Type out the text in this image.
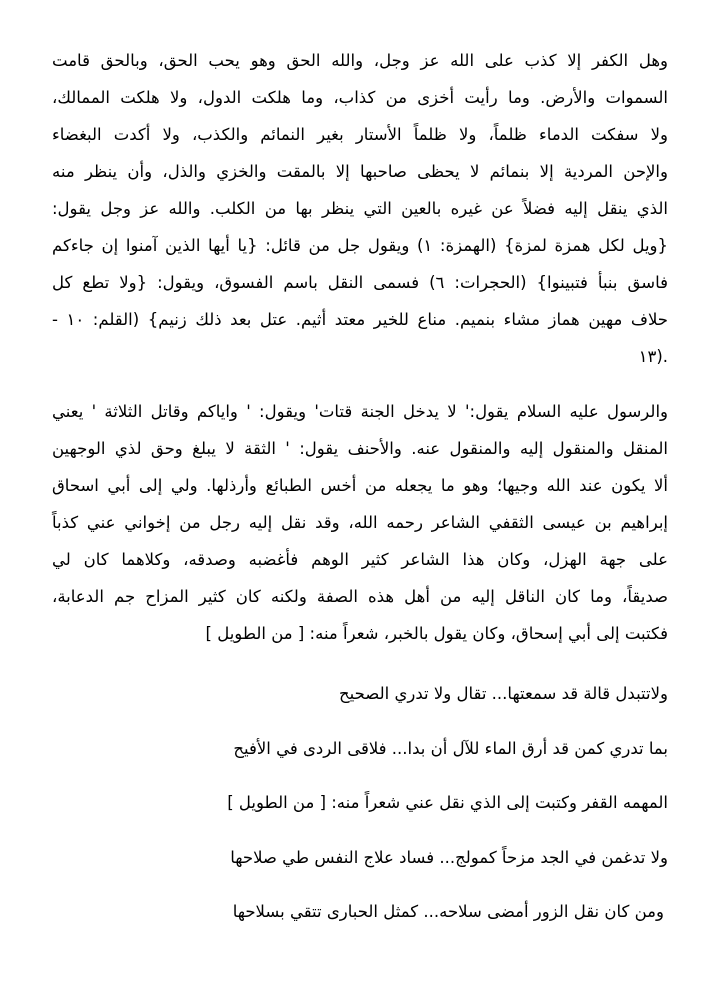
وهل الكفر إلا كذب على الله عز وجل، والله الحق وهو يحب الحق، وبالحق قامت
السموات والأرض. وما رأيت أخزى من كذاب، وما هلكت الدول، ولا هلكت الممالك،
ولا سفكت الدماء ظلماً، ولا ظلماً الأستار بغير النمائم والكذب، ولا أكدت البغضاء
والإحن المردية إلا بنمائم لا يحظى صاحبها إلا بالمقت والخزي والذل، وأن ينظر منه
الذي ينقل إليه فضلاً عن غيره بالعين التي ينظر بها من الكلب. والله عز وجل يقول:
{ويل لكل همزة لمزة} (الهمزة: ١) ويقول جل من قائل: {يا أيها الذين آمنوا إن جاءكم
فاسق بنبأ فتبينوا} (الحجرات: ٦) فسمى النقل باسم الفسوق، ويقول: {ولا تطع كل
حلاف مهين هماز مشاء بنميم. مناع للخير معتد أثيم. عتل بعد ذلك زنيم} (القلم: ١٠ -
١٣).
والرسول عليه السلام يقول:' لا يدخل الجنة قتات' ويقول: ' واياكم وقاتل الثلاثة ' يعني
المنقل والمنقول إليه والمنقول عنه. والأحنف يقول: ' الثقة لا يبلغ وحق لذي الوجهين
ألا يكون عند الله وجيها؛ وهو ما يجعله من أخس الطبائع وأرذلها. ولي إلى أبي اسحاق
إبراهيم بن عيسى الثقفي الشاعر رحمه الله، وقد نقل إليه رجل من إخواني عني كذباً
على جهة الهزل، وكان هذا الشاعر كثير الوهم فأغضبه وصدقه، وكلاهما كان لي
صديقاً، وما كان الناقل إليه من أهل هذه الصفة ولكنه كان كثير المزاح جم الدعابة،
فكتبت إلى أبي إسحاق، وكان يقول بالخبر، شعراً منه: [ من الطويل ]
ولاتتبدل قالة قد سمعتها... تقال ولا تدري الصحيح
بما تدري كمن قد أرق الماء للآل أن بدا... فلاقى الردى في الأفيح
المهمه القفر وكتبت إلى الذي نقل عني شعراً منه: [ من الطويل ]
ولا تدغمن في الجد مزحاً كمولج... فساد علاج النفس طي صلاحها
ومن كان نقل الزور أمضى سلاحه... كمثل الحبارى تتقي بسلاحها
